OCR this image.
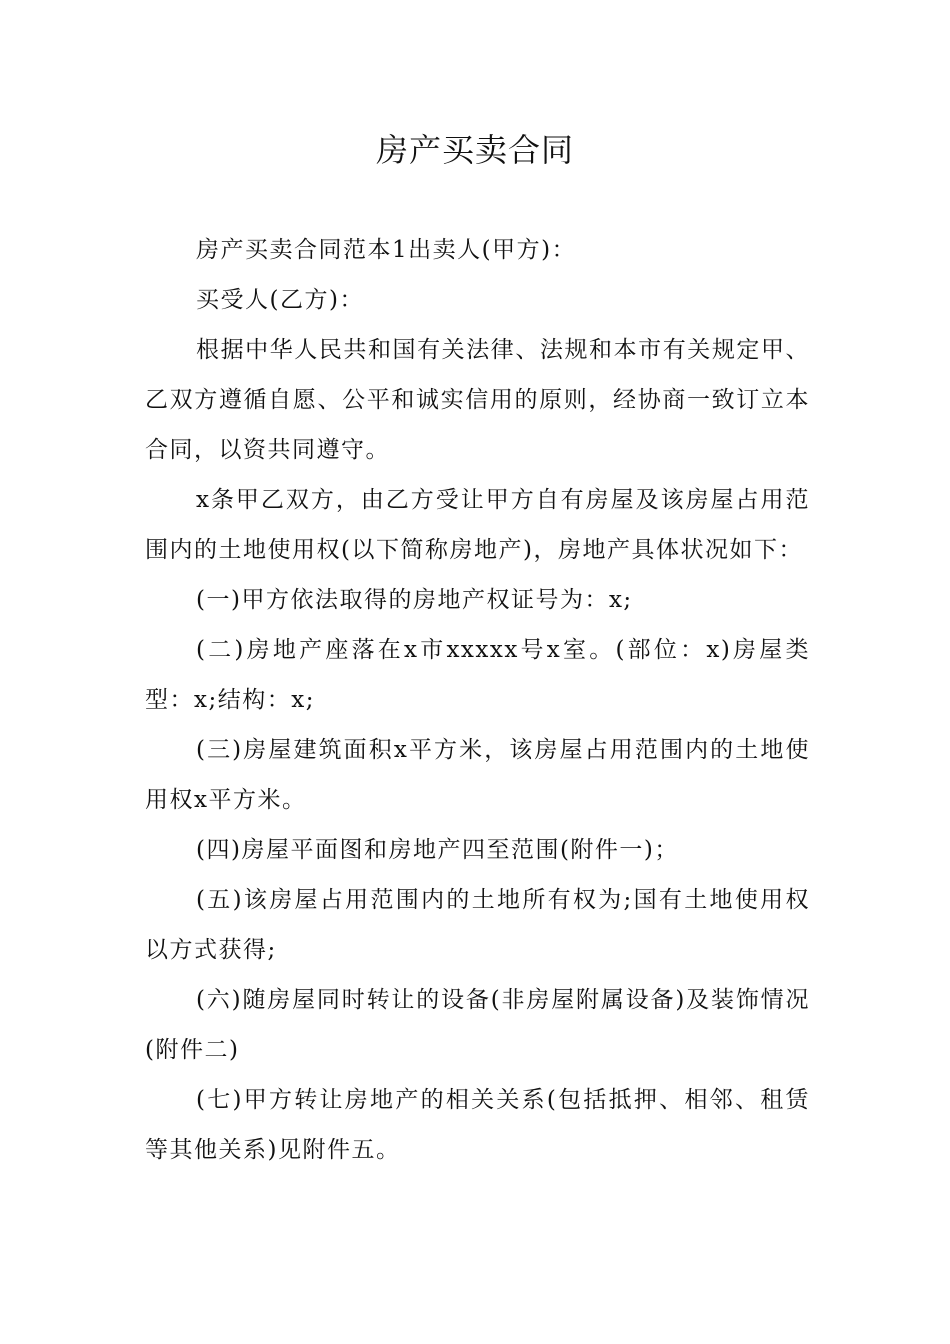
房产买卖合同

房产买卖合同范本1出卖人(甲方)：

买受人(乙方)：

根据中华人民共和国有关法律、法规和本市有关规定甲、乙双方遵循自愿、公平和诚实信用的原则，经协商一致订立本合同，以资共同遵守。

x条甲乙双方，由乙方受让甲方自有房屋及该房屋占用范围内的土地使用权(以下简称房地产)，房地产具体状况如下：

(一)甲方依法取得的房地产权证号为：x;

(二)房地产座落在x市xxxxx号x室。(部位：x)房屋类型：x;结构：x;

(三)房屋建筑面积x平方米，该房屋占用范围内的土地使用权x平方米。

(四)房屋平面图和房地产四至范围(附件一)；

(五)该房屋占用范围内的土地所有权为;国有土地使用权以方式获得;

(六)随房屋同时转让的设备(非房屋附属设备)及装饰情况(附件二)

(七)甲方转让房地产的相关关系(包括抵押、相邻、租赁等其他关系)见附件五。
